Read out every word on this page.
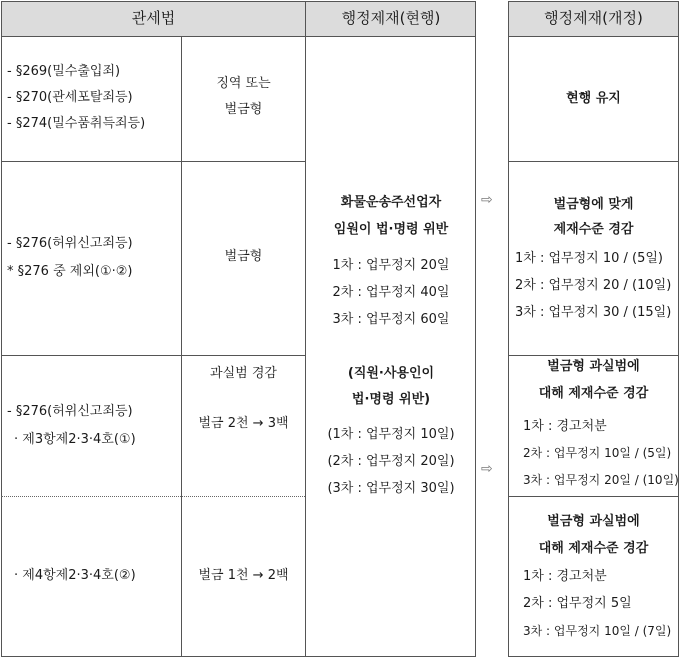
관세법	행정제재(현행)
- §269(밀수출입죄)
- §270(관세포탈죄등)
- §274(밀수품취득죄등)
징역 또는
벌금형
- §276(허위신고죄등)
* §276 중 제외(①·②)
벌금형
- §276(허위신고죄등)
· 제3항제2·3·4호(①)
과실범 경감
벌금 2천 → 3백
· 제4항제2·3·4호(②)	벌금 1천 → 2백
화물운송주선업자
임원이 법·명령 위반
1차 : 업무정지 20일
2차 : 업무정지 40일
3차 : 업무정지 60일
(직원·사용인이
법·명령 위반)
(1차 : 업무정지 10일)
(2차 : 업무정지 20일)
(3차 : 업무정지 30일)
⇨
⇨
행정제재(개정)
현행 유지
벌금형에 맞게
제재수준 경감
1차 : 업무정지 10 / (5일)
2차 : 업무정지 20 / (10일)
3차 : 업무정지 30 / (15일)
벌금형 과실범에
대해 제재수준 경감
1차 : 경고처분
2차 : 업무정지 10일 / (5일)
3차 : 업무정지 20일 / (10일)
벌금형 과실범에
대해 제재수준 경감
1차 : 경고처분
2차 : 업무정지 5일
3차 : 업무정지 10일 / (7일)
